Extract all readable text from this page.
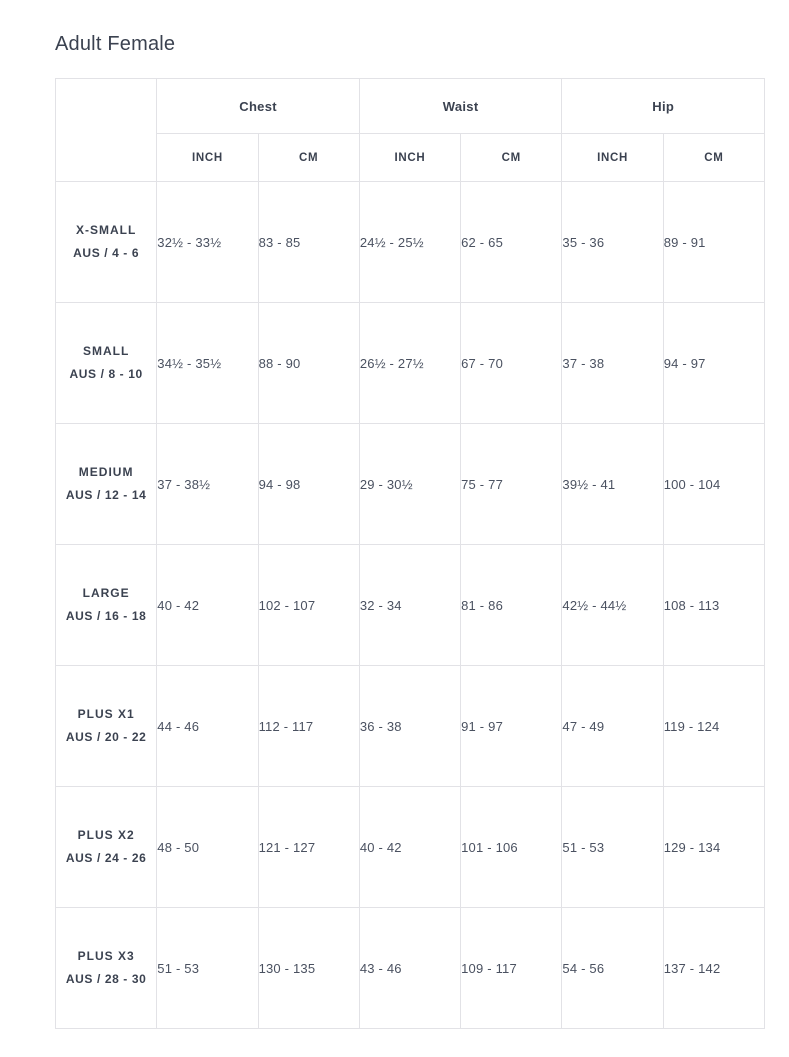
Adult Female
	Chest		Waist		Hip	
	INCH	CM	INCH	CM	INCH	CM

X-SMALL
AUS / 4 - 6	32½ - 33½	83 - 85	24½ - 25½	62 - 65	35 - 36	89 - 91

SMALL
AUS / 8 - 10	34½ - 35½	88 - 90	26½ - 27½	67 - 70	37 - 38	94 - 97

MEDIUM
AUS / 12 - 14	37 - 38½	94 - 98	29 - 30½	75 - 77	39½ - 41	100 - 104

LARGE
AUS / 16 - 18	40 - 42	102 - 107	32 - 34	81 - 86	42½ - 44½	108 - 113

PLUS X1
AUS / 20 - 22	44 - 46	112 - 117	36 - 38	91 - 97	47 - 49	119 - 124

PLUS X2
AUS / 24 - 26	48 - 50	121 - 127	40 - 42	101 - 106	51 - 53	129 - 134

PLUS X3
AUS / 28 - 30	51 - 53	130 - 135	43 - 46	109 - 117	54 - 56	137 - 142
